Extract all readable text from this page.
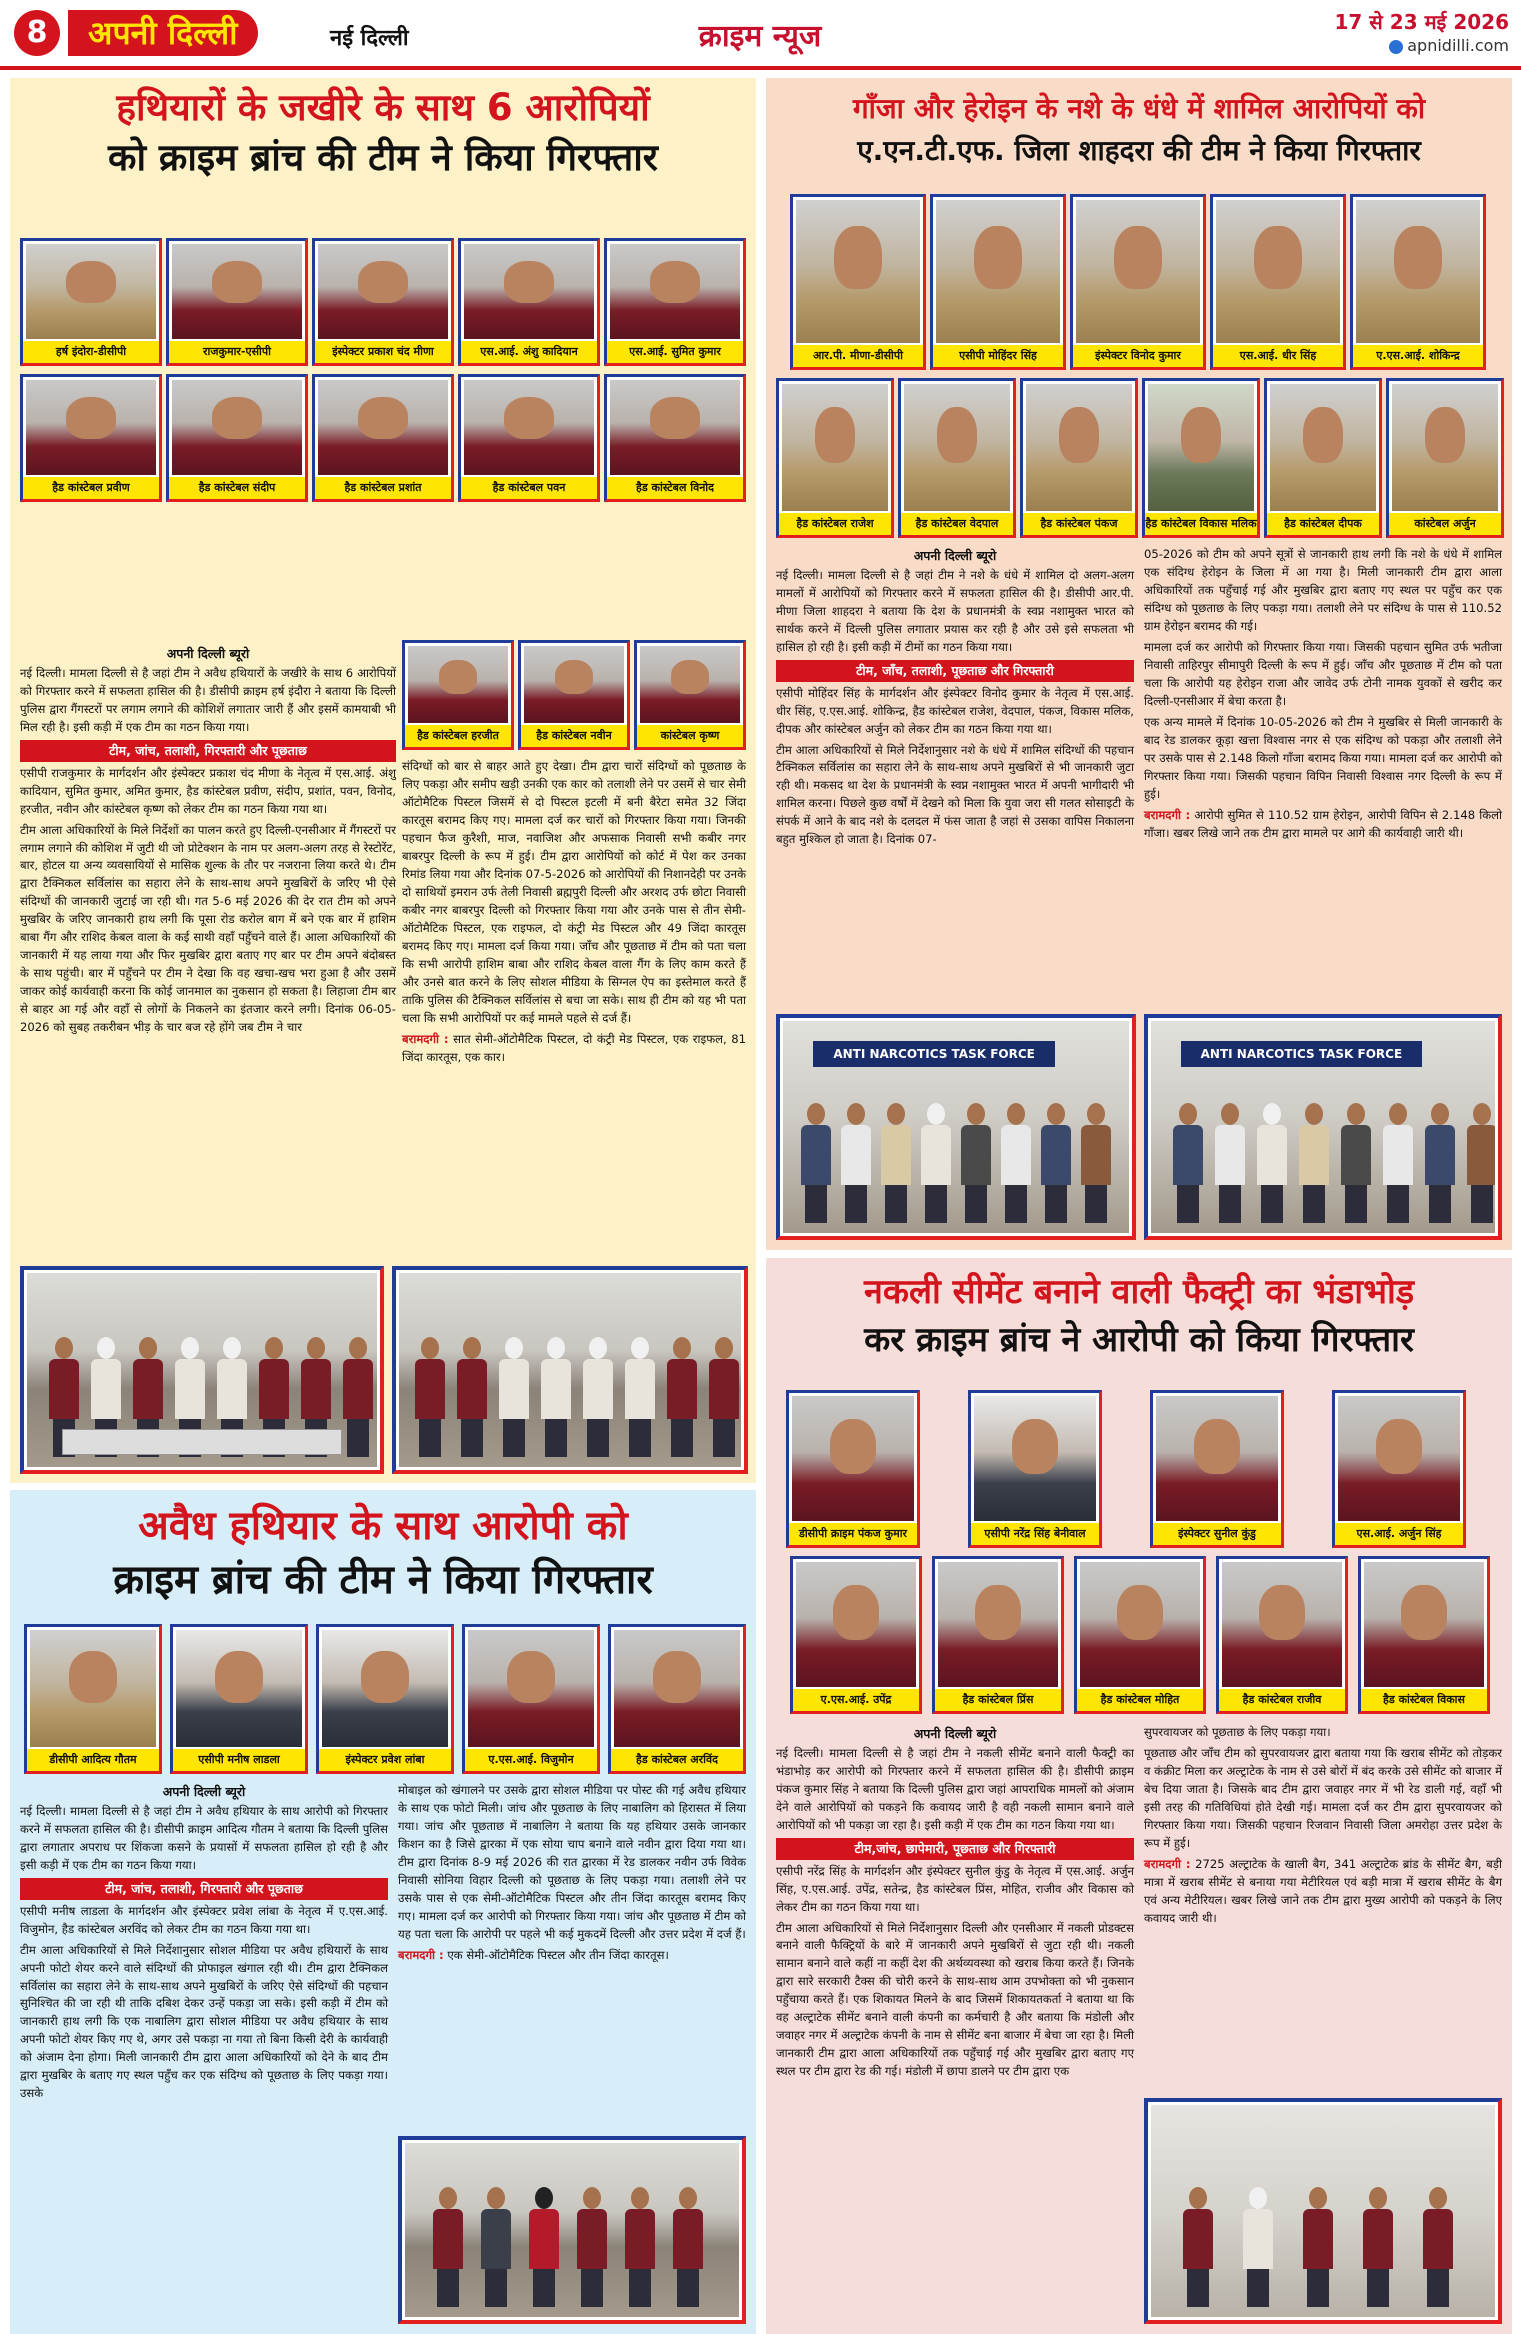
8	अपनी दिल्ली	नई दिल्ली	क्राइम न्यूज	17 से 23 मई 2026
apnidilli.com
हथियारों के जखीरे के साथ 6 आरोपियों
को क्राइम ब्रांच की टीम ने किया गिरफ्तार
हर्ष इंदोरा-डीसीपी	राजकुमार-एसीपी	इंस्पेक्टर प्रकाश चंद मीणा	एस.आई. अंशु कादियान	एस.आई. सुमित कुमार
हैड कांस्टेबल प्रवीण	हैड कांस्टेबल संदीप	हैड कांस्टेबल प्रशांत	हैड कांस्टेबल पवन	हैड कांस्टेबल विनोद
हैड कांस्टेबल हरजीत	हैड कांस्टेबल नवीन	कांस्टेबल कृष्ण
अपनी दिल्ली ब्यूरो
नई दिल्ली। मामला दिल्ली से है जहां टीम ने अवैध हथियारों के जखीरे के साथ 6 आरोपियों को गिरफ्तार करने में सफलता हासिल की है। डीसीपी क्राइम हर्ष इंदौरा ने बताया कि दिल्ली पुलिस द्वारा गैंगस्टरों पर लगाम लगाने की कोशिशें लगातार जारी हैं और इसमें कामयाबी भी मिल रही है। इसी कड़ी में एक टीम का गठन किया गया।
टीम, जांच, तलाशी, गिरफ्तारी और पूछताछ
एसीपी राजकुमार के मार्गदर्शन और इंस्पेक्टर प्रकाश चंद मीणा के नेतृत्व में एस.आई. अंशु कादियान, सुमित कुमार, अमित कुमार, हैड कांस्टेबल प्रवीण, संदीप, प्रशांत, पवन, विनोद, हरजीत, नवीन और कांस्टेबल कृष्ण को लेकर टीम का गठन किया गया था।
टीम आला अधिकारियों के मिले निर्देशों का पालन करते हुए दिल्ली-एनसीआर में गैंगस्टरों पर लगाम लगाने की कोशिश में जुटी थी जो प्रोटेक्शन के नाम पर अलग-अलग तरह से रेस्टोरेंट, बार, होटल या अन्य व्यवसायियों से मासिक शुल्क के तौर पर नजराना लिया करते थे। टीम द्वारा टैक्निकल सर्विलांस का सहारा लेने के साथ-साथ अपने मुखबिरों के जरिए भी ऐसे संदिग्धों की जानकारी जुटाई जा रही थी। गत 5-6 मई 2026 की देर रात टीम को अपने मुखबिर के जरिए जानकारी हाथ लगी कि पूसा रोड करोल बाग में बने एक बार में हाशिम बाबा गैंग और राशिद केबल वाला के कई साथी वहाँ पहुँचने वाले हैं। आला अधिकारियों की जानकारी में यह लाया गया और फिर मुखबिर द्वारा बताए गए बार पर टीम अपने बंदोबस्त के साथ पहुंची। बार में पहुँचने पर टीम ने देखा कि वह खचा-खच भरा हुआ है और उसमें जाकर कोई कार्यवाही करना कि कोई जानमाल का नुकसान हो सकता है। लिहाजा टीम बार से बाहर आ गई और वहाँ से लोगों के निकलने का इंतजार करने लगी। दिनांक 06-05-2026 को सुबह तकरीबन भीड़ के चार बज रहे होंगे जब टीम ने चार
संदिग्धों को बार से बाहर आते हुए देखा। टीम द्वारा चारों संदिग्धों को पूछताछ के लिए पकड़ा और समीप खड़ी उनकी एक कार को तलाशी लेने पर उसमें से चार सेमी ऑटोमैटिक पिस्टल जिसमें से दो पिस्टल इटली में बनी बैरेटा समेत 32 जिंदा कारतूस बरामद किए गए। मामला दर्ज कर चारों को गिरफ्तार किया गया। जिनकी पहचान फैज कुरैशी, माज, नवाजिश और अफसाक निवासी सभी कबीर नगर बाबरपुर दिल्ली के रूप में हुई। टीम द्वारा आरोपियों को कोर्ट में पेश कर उनका रिमांड लिया गया और दिनांक 07-5-2026 को आरोपियों की निशानदेही पर उनके दो साथियों इमरान उर्फ तेली निवासी ब्रह्मपुरी दिल्ली और अरशद उर्फ छोटा निवासी कबीर नगर बाबरपुर दिल्ली को गिरफ्तार किया गया और उनके पास से तीन सेमी-ऑटोमैटिक पिस्टल, एक राइफल, दो कंट्री मेड पिस्टल और 49 जिंदा कारतूस बरामद किए गए। मामला दर्ज किया गया। जाँच और पूछताछ में टीम को पता चला कि सभी आरोपी हाशिम बाबा और राशिद केबल वाला गैंग के लिए काम करते हैं और उनसे बात करने के लिए सोशल मीडिया के सिग्नल ऐप का इस्तेमाल करते हैं ताकि पुलिस की टैक्निकल सर्विलांस से बचा जा सके। साथ ही टीम को यह भी पता चला कि सभी आरोपियों पर कई मामले पहले से दर्ज हैं।
बरामदगी : सात सेमी-ऑटोमैटिक पिस्टल, दो कंट्री मेड पिस्टल, एक राइफल, 81 जिंदा कारतूस, एक कार।
गाँजा और हेरोइन के नशे के धंधे में शामिल आरोपियों को
ए.एन.टी.एफ. जिला शाहदरा की टीम ने किया गिरफ्तार
आर.पी. मीणा-डीसीपी	एसीपी मोहिंदर सिंह	इंस्पेक्टर विनोद कुमार	एस.आई. धीर सिंह	ए.एस.आई. शोकिन्द्र
हैड कांस्टेबल राजेश	हैड कांस्टेबल वेदपाल	हैड कांस्टेबल पंकज	हैड कांस्टेबल विकास मलिक	हैड कांस्टेबल दीपक	कांस्टेबल अर्जुन
अपनी दिल्ली ब्यूरो
नई दिल्ली। मामला दिल्ली से है जहां टीम ने नशे के धंधे में शामिल दो अलग-अलग मामलों में आरोपियों को गिरफ्तार करने में सफलता हासिल की है। डीसीपी आर.पी. मीणा जिला शाहदरा ने बताया कि देश के प्रधानमंत्री के स्वप्न नशामुक्त भारत को सार्थक करने में दिल्ली पुलिस लगातार प्रयास कर रही है और उसे इसे सफलता भी हासिल हो रही है। इसी कड़ी में टीमों का गठन किया गया।
टीम, जाँच, तलाशी, पूछताछ और गिरफ्तारी
एसीपी मोहिंदर सिंह के मार्गदर्शन और इंस्पेक्टर विनोद कुमार के नेतृत्व में एस.आई. धीर सिंह, ए.एस.आई. शोकिन्द्र, हैड कांस्टेबल राजेश, वेदपाल, पंकज, विकास मलिक, दीपक और कांस्टेबल अर्जुन को लेकर टीम का गठन किया गया था।
टीम आला अधिकारियों से मिले निर्देशानुसार नशे के धंधे में शामिल संदिग्धों की पहचान टैक्निकल सर्विलांस का सहारा लेने के साथ-साथ अपने मुखबिरों से भी जानकारी जुटा रही थी। मकसद था देश के प्रधानमंत्री के स्वप्न नशामुक्त भारत में अपनी भागीदारी भी शामिल करना। पिछले कुछ वर्षों में देखने को मिला कि युवा जरा सी गलत सोसाइटी के संपर्क में आने के बाद नशे के दलदल में फंस जाता है जहां से उसका वापिस निकालना बहुत मुश्किल हो जाता है। दिनांक 07-
05-2026 को टीम को अपने सूत्रों से जानकारी हाथ लगी कि नशे के धंधे में शामिल एक संदिग्ध हेरोइन के जिला में आ गया है। मिली जानकारी टीम द्वारा आला अधिकारियों तक पहुँचाई गई और मुखबिर द्वारा बताए गए स्थल पर पहुँच कर एक संदिग्ध को पूछताछ के लिए पकड़ा गया। तलाशी लेने पर संदिग्ध के पास से 110.52 ग्राम हेरोइन बरामद की गई।
मामला दर्ज कर आरोपी को गिरफ्तार किया गया। जिसकी पहचान सुमित उर्फ भतीजा निवासी ताहिरपुर सीमापुरी दिल्ली के रूप में हुई। जाँच और पूछताछ में टीम को पता चला कि आरोपी यह हेरोइन राजा और जावेद उर्फ टोनी नामक युवकों से खरीद कर दिल्ली-एनसीआर में बेचा करता है।
एक अन्य मामले में दिनांक 10-05-2026 को टीम ने मुखबिर से मिली जानकारी के बाद रेड डालकर कूड़ा खत्ता विश्वास नगर से एक संदिग्ध को पकड़ा और तलाशी लेने पर उसके पास से 2.148 किलो गाँजा बरामद किया गया। मामला दर्ज कर आरोपी को गिरफ्तार किया गया। जिसकी पहचान विपिन निवासी विश्वास नगर दिल्ली के रूप में हुई।
बरामदगी : आरोपी सुमित से 110.52 ग्राम हेरोइन, आरोपी विपिन से 2.148 किलो गाँजा। खबर लिखे जाने तक टीम द्वारा मामले पर आगे की कार्यवाही जारी थी।
ANTI NARCOTICS TASK FORCE	ANTI NARCOTICS TASK FORCE
अवैध हथियार के साथ आरोपी को
क्राइम ब्रांच की टीम ने किया गिरफ्तार
डीसीपी आदित्य गौतम	एसीपी मनीष लाडला	इंस्पेक्टर प्रवेश लांबा	ए.एस.आई. विजुमोन	हैड कांस्टेबल अरविंद
अपनी दिल्ली ब्यूरो
नई दिल्ली। मामला दिल्ली से है जहां टीम ने अवैध हथियार के साथ आरोपी को गिरफ्तार करने में सफलता हासिल की है। डीसीपी क्राइम आदित्य गौतम ने बताया कि दिल्ली पुलिस द्वारा लगातार अपराध पर शिंकजा कसने के प्रयासों में सफलता हासिल हो रही है और इसी कड़ी में एक टीम का गठन किया गया।
टीम, जांच, तलाशी, गिरफ्तारी और पूछताछ
एसीपी मनीष लाडला के मार्गदर्शन और इंस्पेक्टर प्रवेश लांबा के नेतृत्व में ए.एस.आई. विजुमोन, हैड कांस्टेबल अरविंद को लेकर टीम का गठन किया गया था।
टीम आला अधिकारियों से मिले निर्देशानुसार सोशल मीडिया पर अवैध हथियारों के साथ अपनी फोटो शेयर करने वाले संदिग्धों की प्रोफाइल खंगाल रही थी। टीम द्वारा टैक्निकल सर्विलांस का सहारा लेने के साथ-साथ अपने मुखबिरों के जरिए ऐसे संदिग्धों की पहचान सुनिश्चित की जा रही थी ताकि दबिश देकर उन्हें पकड़ा जा सके। इसी कड़ी में टीम को जानकारी हाथ लगी कि एक नाबालिग द्वारा सोशल मीडिया पर अवैध हथियार के साथ अपनी फोटो शेयर किए गए थे, अगर उसे पकड़ा ना गया तो बिना किसी देरी के कार्यवाही को अंजाम देना होगा। मिली जानकारी टीम द्वारा आला अधिकारियों को देने के बाद टीम द्वारा मुखबिर के बताए गए स्थल पहुँच कर एक संदिग्ध को पूछताछ के लिए पकड़ा गया। उसके
मोबाइल को खंगालने पर उसके द्वारा सोशल मीडिया पर पोस्ट की गई अवैध हथियार के साथ एक फोटो मिली। जांच और पूछताछ के लिए नाबालिग को हिरासत में लिया गया। जांच और पूछताछ में नाबालिग ने बताया कि यह हथियार उसके जानकार किशन का है जिसे द्वारका में एक सोया चाप बनाने वाले नवीन द्वारा दिया गया था। टीम द्वारा दिनांक 8-9 मई 2026 की रात द्वारका में रेड डालकर नवीन उर्फ विवेक निवासी सोनिया विहार दिल्ली को पूछताछ के लिए पकड़ा गया। तलाशी लेने पर उसके पास से एक सेमी-ऑटोमैटिक पिस्टल और तीन जिंदा कारतूस बरामद किए गए। मामला दर्ज कर आरोपी को गिरफ्तार किया गया। जांच और पूछताछ में टीम को यह पता चला कि आरोपी पर पहले भी कई मुकदमें दिल्ली और उत्तर प्रदेश में दर्ज हैं।
बरामदगी : एक सेमी-ऑटोमैटिक पिस्टल और तीन जिंदा कारतूस।
नकली सीमेंट बनाने वाली फैक्ट्री का भंडाभोड़
कर क्राइम ब्रांच ने आरोपी को किया गिरफ्तार
डीसीपी क्राइम पंकज कुमार	एसीपी नरेंद्र सिंह बेनीवाल	इंस्पेक्टर सुनील कुंडु	एस.आई. अर्जुन सिंह
ए.एस.आई. उपेंद्र	हैड कांस्टेबल प्रिंस	हैड कांस्टेबल मोहित	हैड कांस्टेबल राजीव	हैड कांस्टेबल विकास
अपनी दिल्ली ब्यूरो
नई दिल्ली। मामला दिल्ली से है जहां टीम ने नकली सीमेंट बनाने वाली फैक्ट्री का भंडाभोड़ कर आरोपी को गिरफ्तार करने में सफलता हासिल की है। डीसीपी क्राइम पंकज कुमार सिंह ने बताया कि दिल्ली पुलिस द्वारा जहां आपराधिक मामलों को अंजाम देने वाले आरोपियों को पकड़ने कि कवायद जारी है वही नकली सामान बनाने वाले आरोपियों को भी पकड़ा जा रहा है। इसी कड़ी में एक टीम का गठन किया गया था।
टीम,जांच, छापेमारी, पूछताछ और गिरफ्तारी
एसीपी नरेंद्र सिंह के मार्गदर्शन और इंस्पेक्टर सुनील कुंडु के नेतृत्व में एस.आई. अर्जुन सिंह, ए.एस.आई. उपेंद्र, सतेन्द्र, हैड कांस्टेबल प्रिंस, मोहित, राजीव और विकास को लेकर टीम का गठन किया गया था।
टीम आला अधिकारियों से मिले निर्देशानुसार दिल्ली और एनसीआर में नकली प्रोडक्टस बनाने वाली फैक्ट्रियों के बारे में जानकारी अपने मुखबिरों से जुटा रही थी। नकली सामान बनाने वाले कहीं ना कहीं देश की अर्थव्यवस्था को खराब किया करते हैं। जिनके द्वारा सारे सरकारी टैक्स की चोरी करने के साथ-साथ आम उपभोक्ता को भी नुकसान पहुँचाया करते हैं। एक शिकायत मिलने के बाद जिसमें शिकायतकर्ता ने बताया था कि वह अल्ट्राटेक सीमेंट बनाने वाली कंपनी का कर्मचारी है और बताया कि मंडोली और जवाहर नगर में अल्ट्राटेक कंपनी के नाम से सीमेंट बना बाजार में बेचा जा रहा है। मिली जानकारी टीम द्वारा आला अधिकारियों तक पहुँचाई गई और मुखबिर द्वारा बताए गए स्थल पर टीम द्वारा रेड की गई। मंडोली में छापा डालने पर टीम द्वारा एक
सुपरवायजर को पूछताछ के लिए पकड़ा गया।
पूछताछ और जाँच टीम को सुपरवायजर द्वारा बताया गया कि खराब सीमेंट को तोड़कर व कंक्रीट मिला कर अल्ट्राटेक के नाम से उसे बोरों में बंद करके उसे सीमेंट को बाजार में बेच दिया जाता है। जिसके बाद टीम द्वारा जवाहर नगर में भी रेड डाली गई, वहाँ भी इसी तरह की गतिविधियां होते देखी गई। मामला दर्ज कर टीम द्वारा सुपरवायजर को गिरफ्तार किया गया। जिसकी पहचान रिजवान निवासी जिला अमरोहा उत्तर प्रदेश के रूप में हुई।
बरामदगी : 2725 अल्ट्राटेक के खाली बैग, 341 अल्ट्राटेक ब्रांड के सीमेंट बैग, बड़ी मात्रा में खराब सीमेंट से बनाया गया मेटीरियल एवं बड़ी मात्रा में खराब सीमेंट के बैग एवं अन्य मेटीरियल। खबर लिखे जाने तक टीम द्वारा मुख्य आरोपी को पकड़ने के लिए कवायद जारी थी।
